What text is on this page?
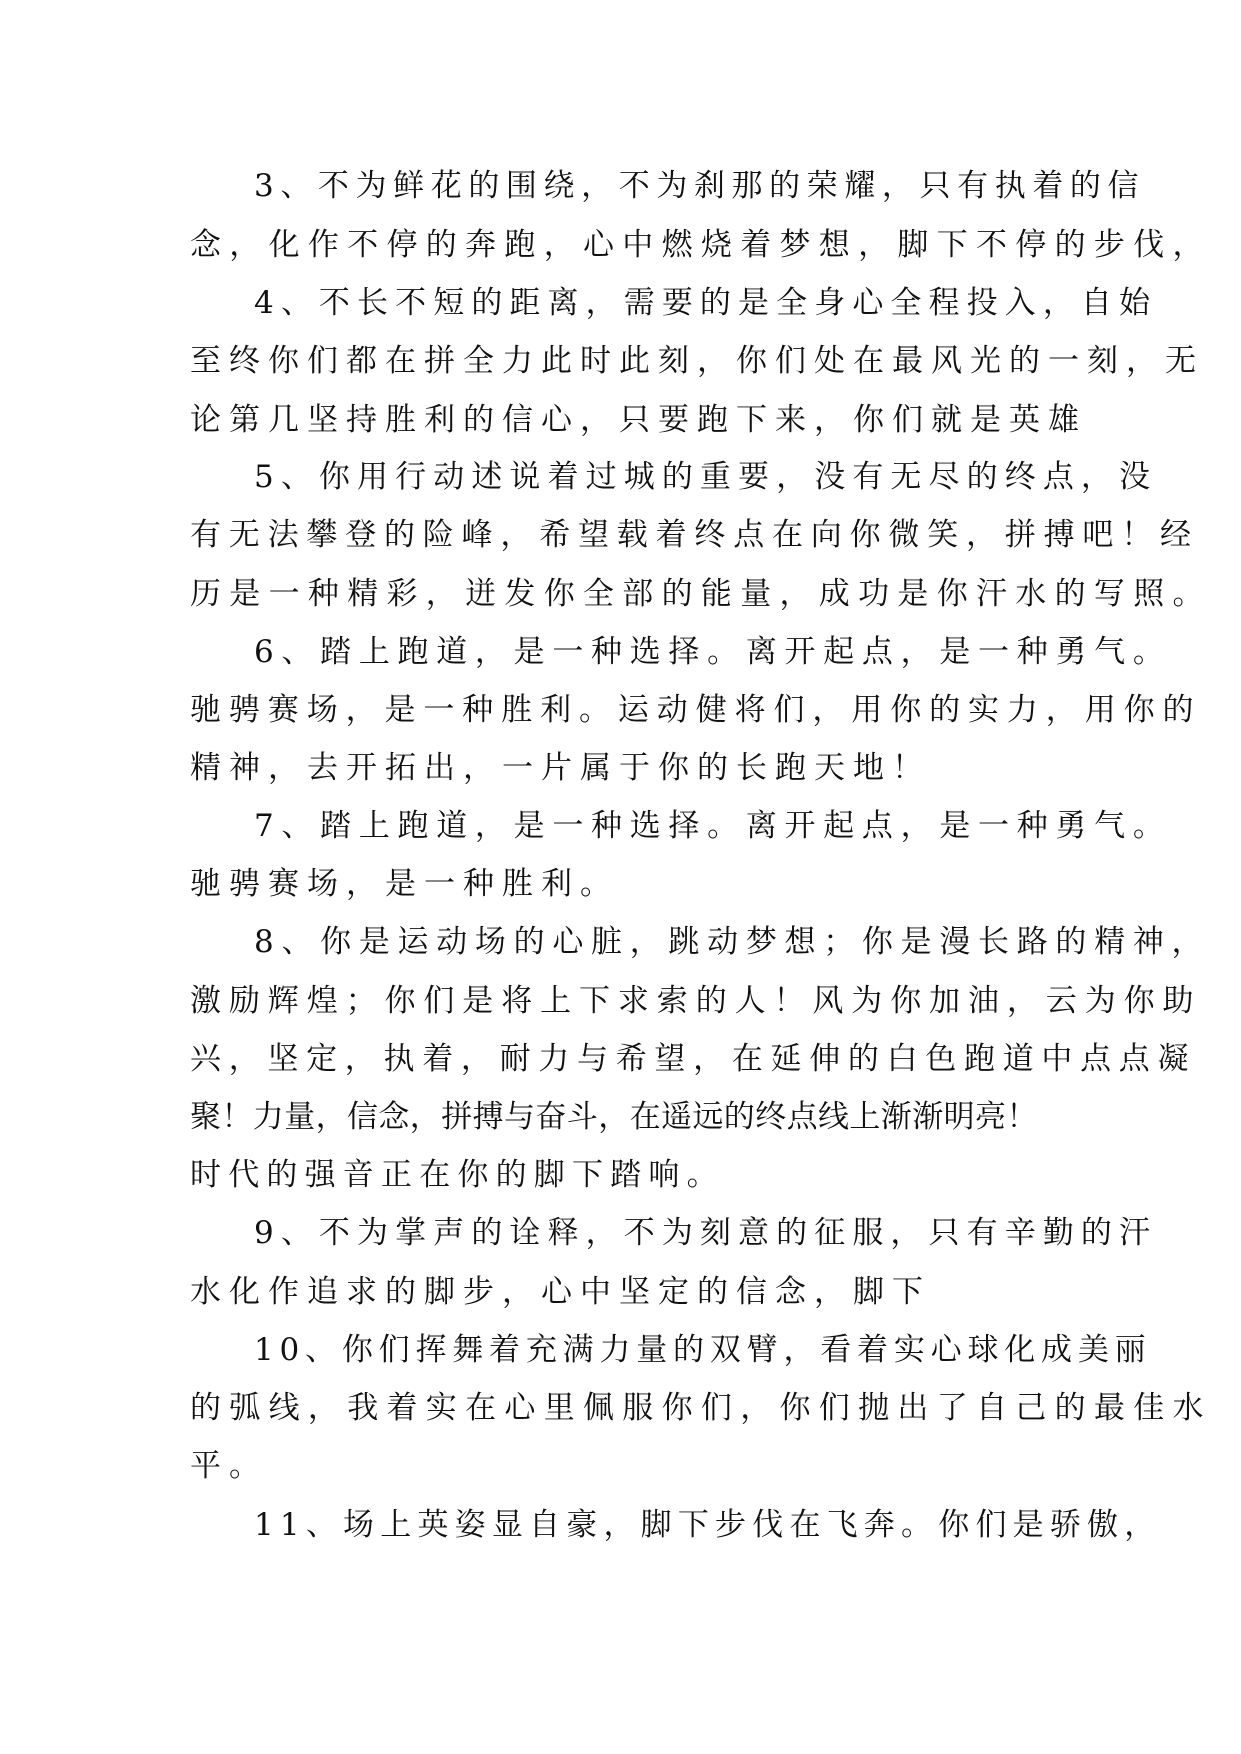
3、不为鲜花的围绕，不为刹那的荣耀，只有执着的信
念，化作不停的奔跑，心中燃烧着梦想，脚下不停的步伐，
4、不长不短的距离，需要的是全身心全程投入，自始
至终你们都在拼全力此时此刻，你们处在最风光的一刻，无
论第几坚持胜利的信心，只要跑下来，你们就是英雄
5、你用行动述说着过城的重要，没有无尽的终点，没
有无法攀登的险峰，希望载着终点在向你微笑，拼搏吧！经
历是一种精彩，迸发你全部的能量，成功是你汗水的写照。
6、踏上跑道，是一种选择。离开起点，是一种勇气。
驰骋赛场，是一种胜利。运动健将们，用你的实力，用你的
精神，去开拓出，一片属于你的长跑天地！
7、踏上跑道，是一种选择。离开起点，是一种勇气。
驰骋赛场，是一种胜利。
8、你是运动场的心脏，跳动梦想；你是漫长路的精神，
激励辉煌；你们是将上下求索的人！风为你加油，云为你助
兴，坚定，执着，耐力与希望，在延伸的白色跑道中点点凝
聚！力量，信念，拼搏与奋斗，在遥远的终点线上渐渐明亮！
时代的强音正在你的脚下踏响。
9、不为掌声的诠释，不为刻意的征服，只有辛勤的汗
水化作追求的脚步，心中坚定的信念，脚下
10、你们挥舞着充满力量的双臂，看着实心球化成美丽
的弧线，我着实在心里佩服你们，你们抛出了自己的最佳水
平。
11、场上英姿显自豪，脚下步伐在飞奔。你们是骄傲，
